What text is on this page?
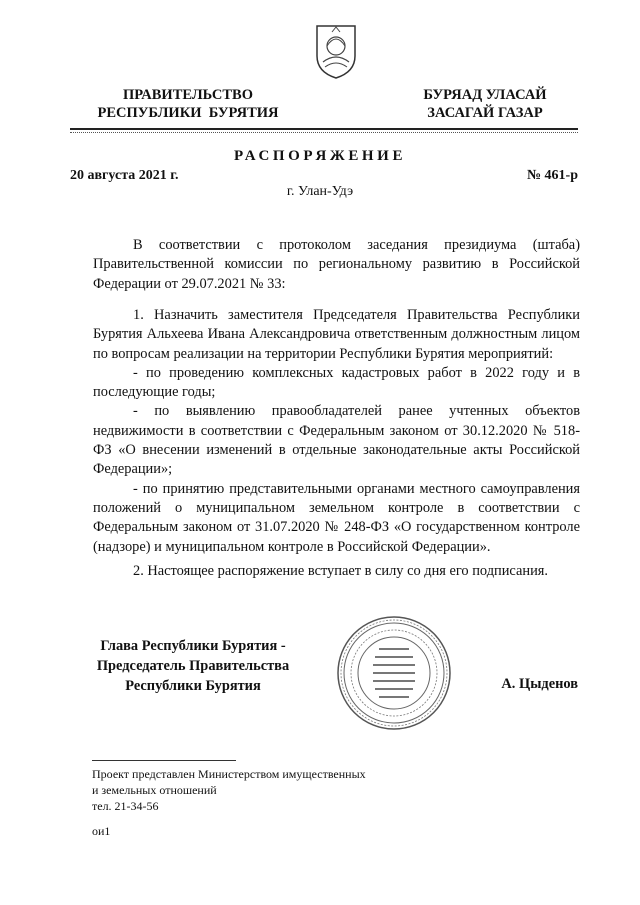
ПРАВИТЕЛЬСТВО
РЕСПУБЛИКИ  БУРЯТИЯ
БУРЯАД УЛАСАЙ
ЗАСАГАЙ ГАЗАР
РАСПОРЯЖЕНИЕ
20 августа 2021 г.	№ 461-р
г. Улан-Удэ

В соответствии с протоколом заседания президиума (штаба) Правительственной комиссии по региональному развитию в Российской Федерации от 29.07.2021 № 33:

1. Назначить заместителя Председателя Правительства Республики Бурятия Альхеева Ивана Александровича ответственным должностным лицом по вопросам реализации на территории Республики Бурятия мероприятий:

- по проведению комплексных кадастровых работ в 2022 году и в последующие годы;

- по выявлению правообладателей ранее учтенных объектов недвижимости в соответствии с Федеральным законом от 30.12.2020 № 518-ФЗ «О внесении изменений в отдельные законодательные акты Российской Федерации»;

- по принятию представительными органами местного самоуправления положений о муниципальном земельном контроле в соответствии с Федеральным законом от 31.07.2020 № 248-ФЗ «О государственном контроле (надзоре) и муниципальном контроле в Российской Федерации».

2. Настоящее распоряжение вступает в силу со дня его подписания.

Глава Республики Бурятия -
Председатель Правительства
Республики Бурятия	А. Цыденов
Проект представлен Министерством имущественных
и земельных отношений
тел. 21-34-56
ои1
